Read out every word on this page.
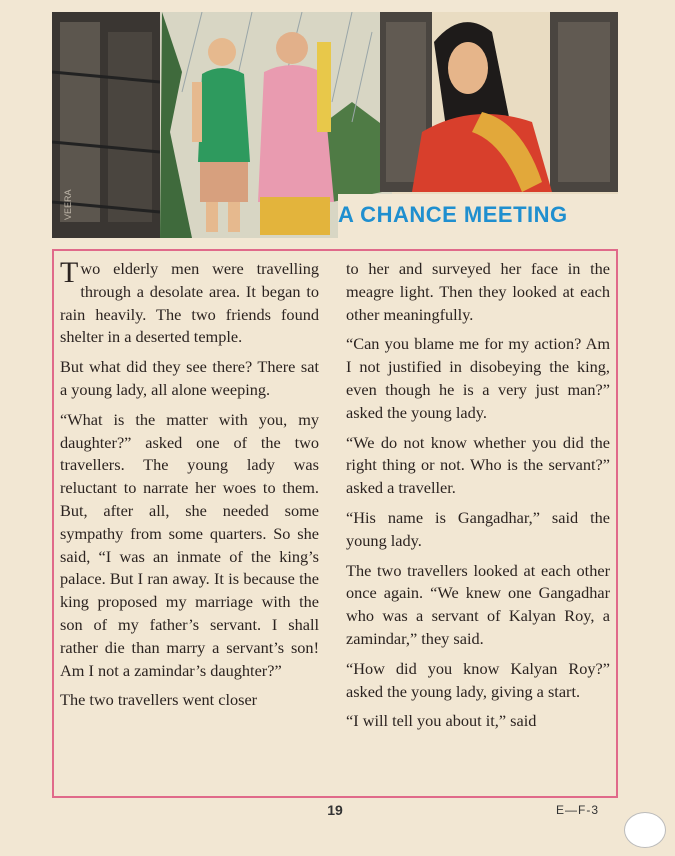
VEERA	A CHANCE MEETING

Two elderly men were travelling through a desolate area. It began to rain heavily. The two friends found shelter in a deserted temple.

But what did they see there? There sat a young lady, all alone weeping.

“What is the matter with you, my daughter?” asked one of the two travellers. The young lady was reluctant to narrate her woes to them. But, after all, she needed some sympathy from some quarters. So she said, “I was an inmate of the king’s palace. But I ran away. It is because the king proposed my marriage with the son of my father’s servant. I shall rather die than marry a servant’s son! Am I not a zamindar’s daughter?”

The two travellers went closer

to her and surveyed her face in the meagre light. Then they looked at each other meaningfully.

“Can you blame me for my action? Am I not justified in disobeying the king, even though he is a very just man?” asked the young lady.

“We do not know whether you did the right thing or not. Who is the servant?” asked a traveller.

“His name is Gangadhar,” said the young lady.

The two travellers looked at each other once again. “We knew one Gangadhar who was a servant of Kalyan Roy, a zamindar,” they said.

“How did you know Kalyan Roy?” asked the young lady, giving a start.

“I will tell you about it,” said

19	E—F-3
